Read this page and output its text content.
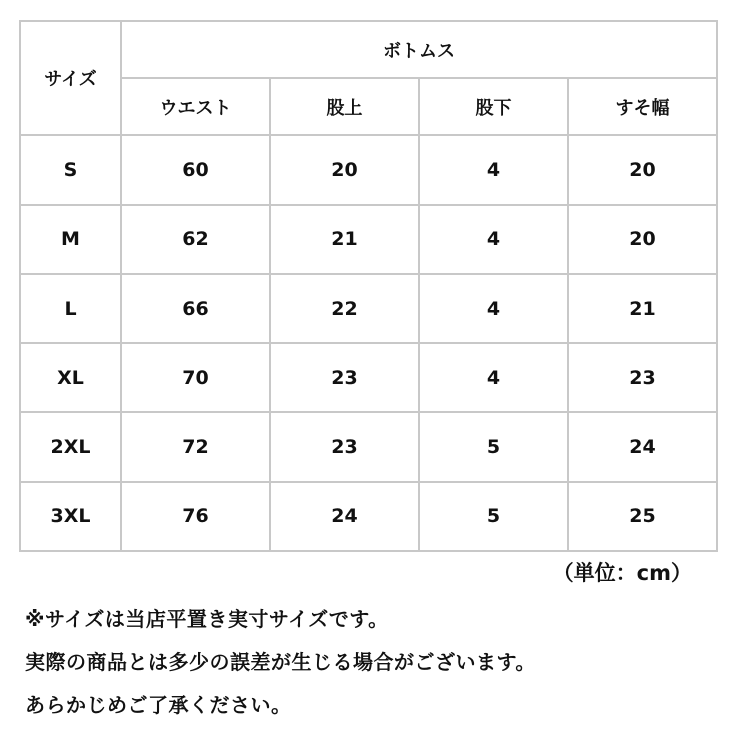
サイズ	ボトムス			
	ウエスト	股上	股下	すそ幅
S	60	20	4	20
M	62	21	4	20
L	66	22	4	21
XL	70	23	4	23
2XL	72	23	5	24
3XL	76	24	5	25
（単位：cm）
※サイズは当店平置き実寸サイズです。
実際の商品とは多少の誤差が生じる場合がございます。
あらかじめご了承ください。
